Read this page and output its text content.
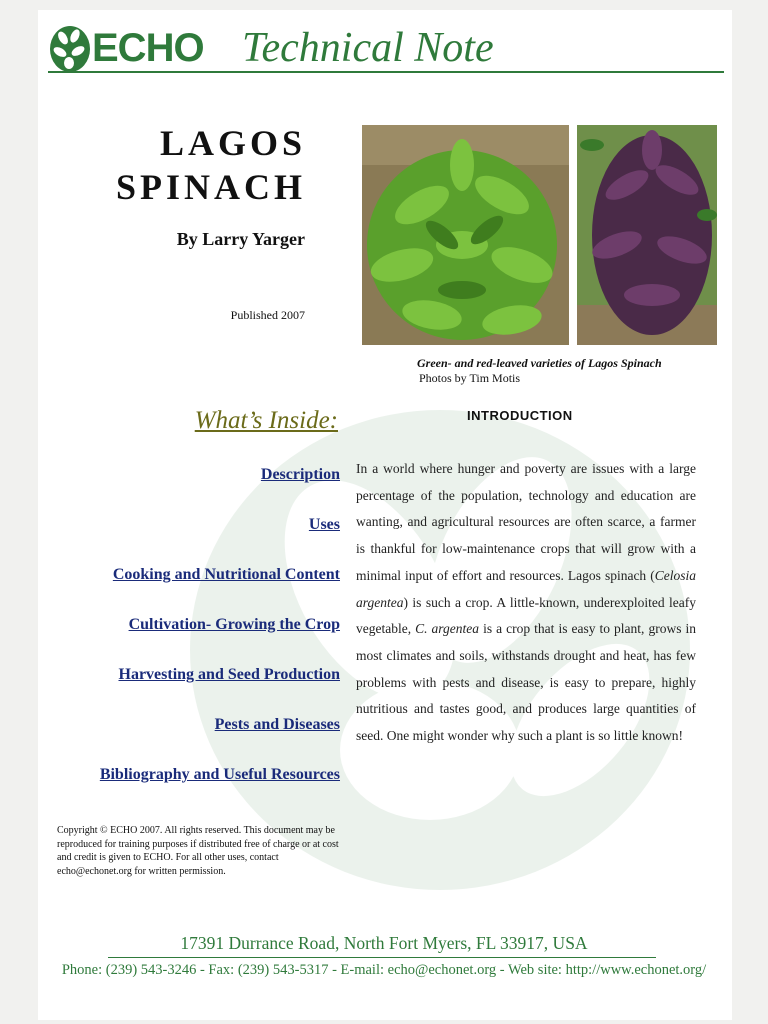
ECHO Technical Note
LAGOS
SPINACH
By Larry Yarger
Published 2007
Green- and red-leaved varieties of Lagos Spinach
Photos by Tim Motis
What’s Inside:
Description
Uses
Cooking and Nutritional Content
Cultivation- Growing the Crop
Harvesting and Seed Production
Pests and Diseases
Bibliography and Useful Resources
Copyright © ECHO 2007. All rights reserved. This document may be reproduced for training purposes if distributed free of charge or at cost and credit is given to ECHO. For all other uses, contact echo@echonet.org for written permission.
INTRODUCTION
In a world where hunger and poverty are issues with a large percentage of the population, technology and education are wanting, and agricultural resources are often scarce, a farmer is thankful for low-maintenance crops that will grow with a minimal input of effort and resources. Lagos spinach (Celosia argentea) is such a crop. A little-known, underexploited leafy vegetable, C. argentea is a crop that is easy to plant, grows in most climates and soils, withstands drought and heat, has few problems with pests and disease, is easy to prepare, highly nutritious and tastes good, and produces large quantities of seed. One might wonder why such a plant is so little known!
17391 Durrance Road, North Fort Myers, FL 33917, USA
Phone: (239) 543-3246 - Fax: (239) 543-5317 - E-mail: echo@echonet.org - Web site: http://www.echonet.org/
